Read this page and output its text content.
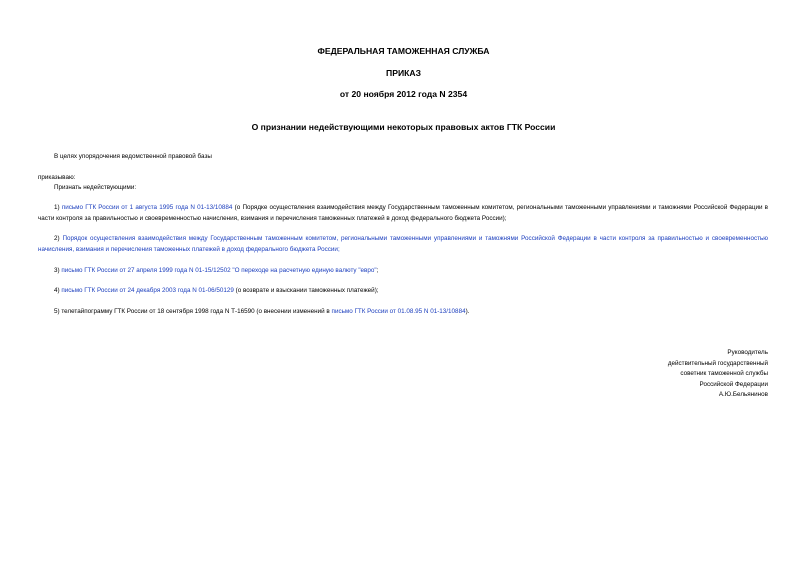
ФЕДЕРАЛЬНАЯ ТАМОЖЕННАЯ СЛУЖБА
ПРИКАЗ
от 20 ноября 2012 года N 2354
О признании недействующими некоторых правовых актов ГТК России
В целях упорядочения ведомственной правовой базы
приказываю:
Признать недействующими:
1) письмо ГТК России от 1 августа 1995 года N 01-13/10884 (о Порядке осуществления взаимодействия между Государственным таможенным комитетом, региональными таможенными управлениями и таможнями Российской Федерации в части контроля за правильностью и своевременностью начисления, взимания и перечисления таможенных платежей в доход федерального бюджета России);
2) Порядок осуществления взаимодействия между Государственным таможенным комитетом, региональными таможенными управлениями и таможнями Российской Федерации в части контроля за правильностью и своевременностью начисления, взимания и перечисления таможенных платежей в доход федерального бюджета России;
3) письмо ГТК России от 27 апреля 1999 года N 01-15/12502 "О переходе на расчетную единую валюту "евро";
4) письмо ГТК России от 24 декабря 2003 года N 01-06/50129 (о возврате и взыскании таможенных платежей);
5) телетайпограмму ГТК России от 18 сентября 1998 года N Т-16590 (о внесении изменений в письмо ГТК России от 01.08.95 N 01-13/10884).
Руководитель
действительный государственный
советник таможенной службы
Российской Федерации
А.Ю.Бельянинов
